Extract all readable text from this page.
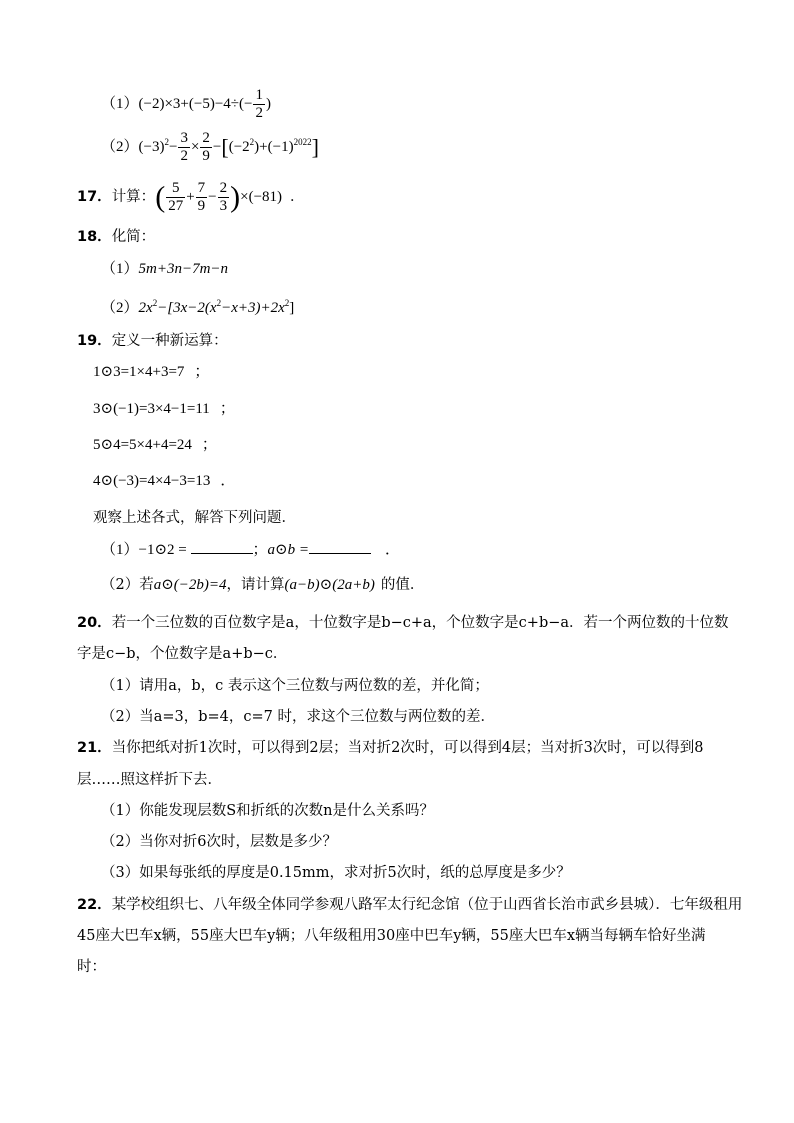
$(1)(-2)\times 3+(-5)-4\div(- \frac{1}{2}$ )
$(2)(-3)^2- \frac{3}{2} \times \frac{2}{9} -[(-2^2)+(-1)^{2022}]$
17．计算：( $\frac{5}{27} + \frac{7}{9} - \frac{2}{3} )\times(-81)$ ．
18．化简：
（1）5m+3n−7m−n
$(2)2x^2-[3x-2(x^2-x+3)+2x^2]$
19．定义一种新运算：
1⊙3=1×4+3=7 ；
3⊙(−1)=3×4−1=11 ；
5⊙4=5×4+4=24 ；
4⊙(−3)=4×4−3=13 ．
观察上述各式，解答下列问题．
（1）−1⊙2 =	；a⊙b =	．
（2）若a⊙(−2b)=4，请计算(a−b)⊙(2a+b) 的值．
20．若一个三位数的百位数字是a，十位数字是b−c+a，个位数字是c+b−a．若一个两位数的十位数
字是c−b，个位数字是a+b−c．
（1）请用a，b，c 表示这个三位数与两位数的差，并化简；
（2）当a=3，b=4，c=7 时，求这个三位数与两位数的差．
21．当你把纸对折1次时，可以得到2层；当对折2次时，可以得到4层；当对折3次时，可以得到8
层……照这样折下去．
（1）你能发现层数S和折纸的次数n是什么关系吗？
（2）当你对折6次时，层数是多少？
（3）如果每张纸的厚度是0.15mm，求对折5次时，纸的总厚度是多少？
22．某学校组织七、八年级全体同学参观八路军太行纪念馆（位于山西省长治市武乡县城）．七年级租用
45座大巴车x辆，55座大巴车y辆；八年级租用30座中巴车y辆，55座大巴车x辆当每辆车恰好坐满
时：
